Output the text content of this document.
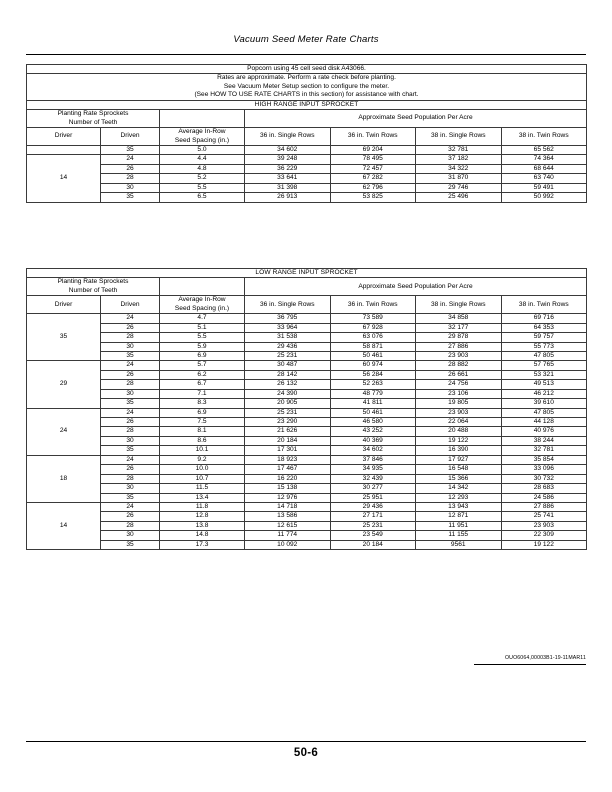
Vacuum Seed Meter Rate Charts
Popcorn using 45 cell seed disk A43066.						
Rates are approximate. Perform a rate check before planting.
See Vacuum Meter Setup section to configure the meter.
(See HOW TO USE RATE CHARTS in this section) for assistance with chart.						
HIGH RANGE INPUT SPROCKET						
Planting Rate Sprockets
Number of Teeth			Approximate Seed Population Per Acre			
Driver	Driven	Average In-Row
Seed Spacing (in.)	36 in. Single Rows	36 in. Twin Rows	38 in. Single Rows	38 in. Twin Rows
	35	5.0	34 602	69 204	32 781	65 562
14	24	4.4	39 248	78 495	37 182	74 364
	26	4.8	36 229	72 457	34 322	68 644
	28	5.2	33 641	67 282	31 870	63 740
	30	5.5	31 398	62 796	29 746	59 491
	35	6.5	26 913	53 825	25 496	50 992
LOW RANGE INPUT SPROCKET						
Planting Rate Sprockets
Number of Teeth			Approximate Seed Population Per Acre			
Driver	Driven	Average In-Row
Seed Spacing (in.)	36 in. Single Rows	36 in. Twin Rows	38 in. Single Rows	38 in. Twin Rows
35	24	4.7	36 795	73 589	34 858	69 716
	26	5.1	33 964	67 928	32 177	64 353
	28	5.5	31 538	63 076	29 878	59 757
	30	5.9	29 436	58 871	27 886	55 773
	35	6.9	25 231	50 461	23 903	47 805
29	24	5.7	30 487	60 974	28 882	57 765
	26	6.2	28 142	56 284	26 661	53 321
	28	6.7	26 132	52 263	24 756	49 513
	30	7.1	24 390	48 779	23 106	46 212
	35	8.3	20 905	41 811	19 805	39 610
24	24	6.9	25 231	50 461	23 903	47 805
	26	7.5	23 290	46 580	22 064	44 128
	28	8.1	21 626	43 252	20 488	40 976
	30	8.6	20 184	40 369	19 122	38 244
	35	10.1	17 301	34 602	16 390	32 781
18	24	9.2	18 923	37 846	17 927	35 854
	26	10.0	17 467	34 935	16 548	33 096
	28	10.7	16 220	32 439	15 366	30 732
	30	11.5	15 138	30 277	14 342	28 683
	35	13.4	12 976	25 951	12 293	24 586
14	24	11.8	14 718	29 436	13 943	27 886
	26	12.8	13 586	27 171	12 871	25 741
	28	13.8	12 615	25 231	11 951	23 903
	30	14.8	11 774	23 549	11 155	22 309
	35	17.3	10 092	20 184	9561	19 122
OUO6064,00003B1-19-11MAR11
50-6
